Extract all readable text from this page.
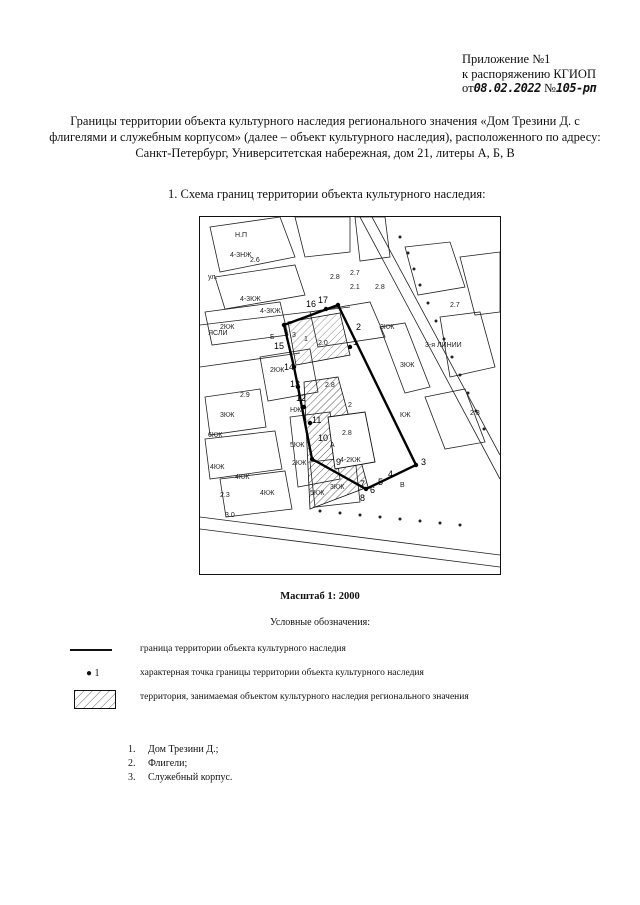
Приложение №1
к распоряжению КГИОП
от08.02.2022 №105-рп
Границы территории объекта культурного наследия регионального значения «Дом Трезини Д. с флигелями и служебным корпусом» (далее – объект культурного наследия), расположенного по адресу: Санкт-Петербург, Университетская набережная, дом 21, литеры А, Б, В
1. Схема границ территории объекта культурного наследия:
1
2
3
4
5
6
7
8
9
10
11
12
13
14
15
16 17
А
Б
В
1
2
3
2.8
4-3КЖ
2КЖ
3КЖ
4КЖ
5КЖ
2КЖ
4-2КЖ
3КЖ
4-3НЖ
2.6
2.0
2.9
2.7
2.8
2.8
ЯСЛИ
Н.П
ул.
3-я ЛИНИИ
4-3КЖ
3КЖ
КЖ
2.1 2.8
2.7
2.3
4КЖ
2КЖ
6КЖ
3КЖ
НЖ
2.8
5КЖ
4КЖ
3.0
Масштаб 1: 2000
Условные обозначения:
граница территории объекта культурного наследия
● 1	характерная точка границы территории объекта культурного наследия
территория, занимаемая объектом культурного наследия регионального значения
1. Дом Трезини Д.;
2. Флигели;
3. Служебный корпус.
